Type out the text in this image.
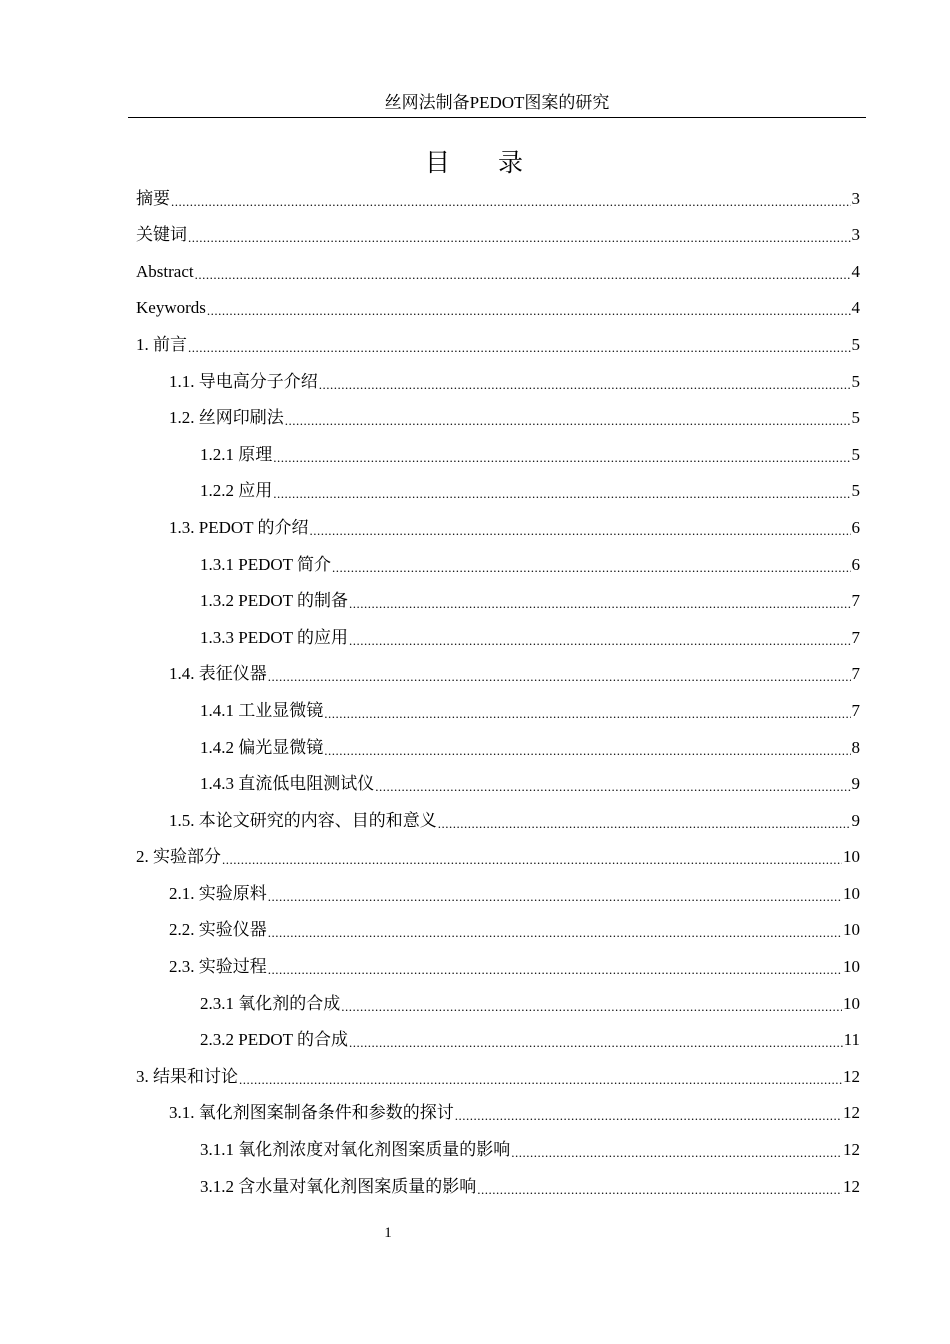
丝网法制备PEDOT图案的研究
目 录
摘要 .....	3
关键词 .....	3
Abstract .....	4
Keywords .....	4
1. 前言 .....	5
1.1. 导电高分子介绍 .....	5
1.2. 丝网印刷法 .....	5
1.2.1 原理 .....	5
1.2.2 应用 .....	5
1.3. PEDOT 的介绍 .....	6
1.3.1 PEDOT 简介 .....	6
1.3.2 PEDOT 的制备 .....	7
1.3.3 PEDOT 的应用 .....	7
1.4. 表征仪器 .....	7
1.4.1 工业显微镜 .....	7
1.4.2 偏光显微镜 .....	8
1.4.3 直流低电阻测试仪 .....	9
1.5. 本论文研究的内容、目的和意义 .....	9
2. 实验部分 .....	10
2.1. 实验原料 .....	10
2.2. 实验仪器 .....	10
2.3. 实验过程 .....	10
2.3.1 氧化剂的合成 .....	10
2.3.2 PEDOT 的合成 .....	11
3. 结果和讨论 .....	12
3.1. 氧化剂图案制备条件和参数的探讨 .....	12
3.1.1 氧化剂浓度对氧化剂图案质量的影响 .....	12
3.1.2 含水量对氧化剂图案质量的影响 .....	12
1
